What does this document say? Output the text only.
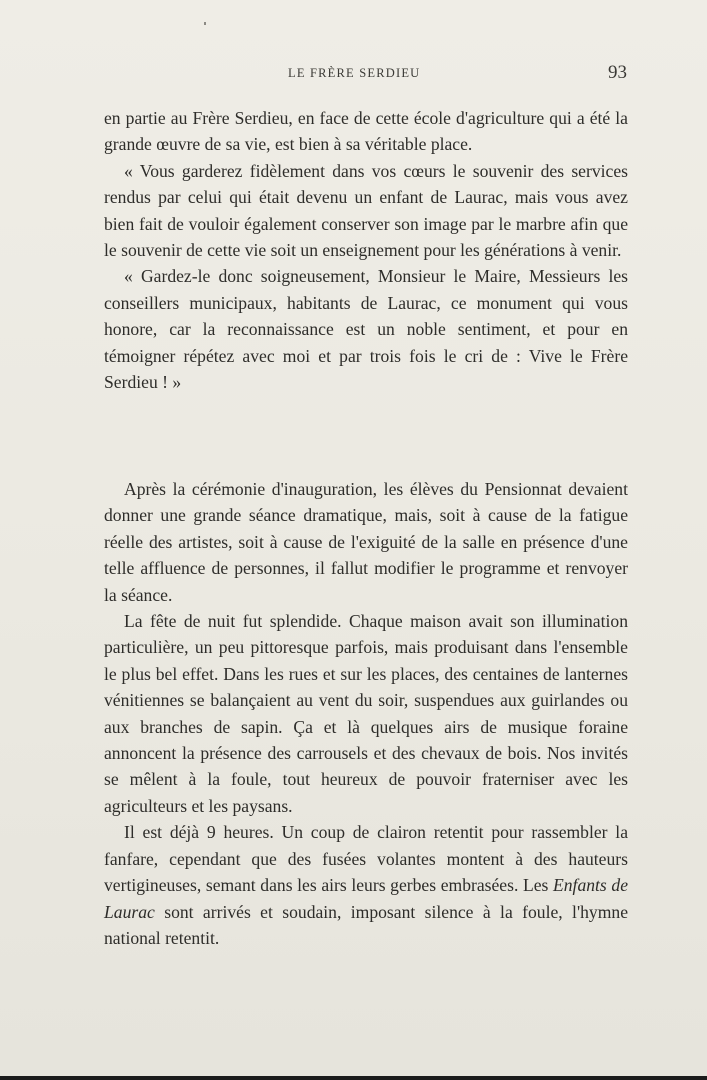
LE FRÈRE SERDIEU	93

en partie au Frère Serdieu, en face de cette école d'agriculture qui a été la grande œuvre de sa vie, est bien à sa véritable place.

« Vous garderez fidèlement dans vos cœurs le souvenir des services rendus par celui qui était devenu un enfant de Laurac, mais vous avez bien fait de vouloir également conserver son image par le marbre afin que le souvenir de cette vie soit un enseignement pour les générations à venir.

« Gardez-le donc soigneusement, Monsieur le Maire, Messieurs les conseillers municipaux, habitants de Laurac, ce monument qui vous honore, car la reconnaissance est un noble sentiment, et pour en témoigner répétez avec moi et par trois fois le cri de : Vive le Frère Serdieu ! »

Après la cérémonie d'inauguration, les élèves du Pensionnat devaient donner une grande séance dramatique, mais, soit à cause de la fatigue réelle des artistes, soit à cause de l'exiguité de la salle en présence d'une telle affluence de personnes, il fallut modifier le programme et renvoyer la séance.

La fête de nuit fut splendide. Chaque maison avait son illumination particulière, un peu pittoresque parfois, mais produisant dans l'ensemble le plus bel effet. Dans les rues et sur les places, des centaines de lanternes vénitiennes se balançaient au vent du soir, suspendues aux guirlandes ou aux branches de sapin. Ça et là quelques airs de musique foraine annoncent la présence des carrousels et des chevaux de bois. Nos invités se mêlent à la foule, tout heureux de pouvoir fraterniser avec les agriculteurs et les paysans.

Il est déjà 9 heures. Un coup de clairon retentit pour rassembler la fanfare, cependant que des fusées volantes montent à des hauteurs vertigineuses, semant dans les airs leurs gerbes embrasées. Les Enfants de Laurac sont arrivés et soudain, imposant silence à la foule, l'hymne national retentit.
